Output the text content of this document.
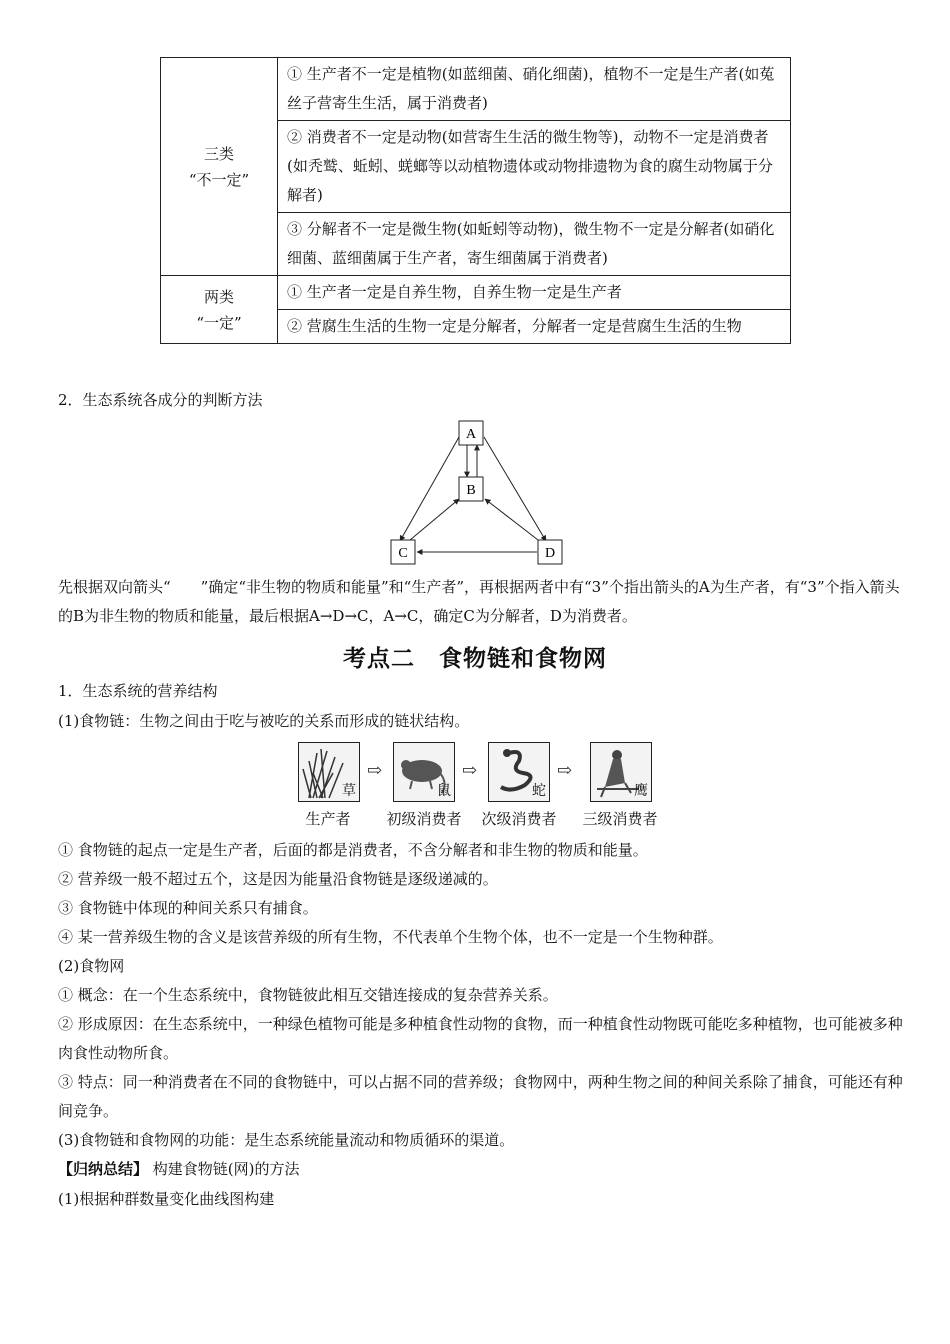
三类
“不一定”	① 生产者不一定是植物(如蓝细菌、硝化细菌)，植物不一定是生产者(如菟丝子营寄生生活，属于消费者)
	② 消费者不一定是动物(如营寄生生活的微生物等)，动物不一定是消费者(如秃鹫、蚯蚓、蜣螂等以动植物遗体或动物排遗物为食的腐生动物属于分解者)
	③ 分解者不一定是微生物(如蚯蚓等动物)，微生物不一定是分解者(如硝化细菌、蓝细菌属于生产者，寄生细菌属于消费者)

两类
“一定”	① 生产者一定是自养生物，自养生物一定是生产者
	② 营腐生生活的生物一定是分解者，分解者一定是营腐生生活的生物
2．生态系统各成分的判断方法
A
B
C	D
先根据双向箭头“　　”确定“非生物的物质和能量”和“生产者”，再根据两者中有“3”个指出箭头的A为生产者，有“3”个指入箭头的B为非生物的物质和能量，最后根据A→D→C，A→C，确定C为分解者，D为消费者。
考点二　食物链和食物网
1．生态系统的营养结构
(1)食物链：生物之间由于吃与被吃的关系而形成的链状结构。
草
⇨
鼠
⇨
蛇
⇨
鹰
生产者	初级消费者	次级消费者	三级消费者
① 食物链的起点一定是生产者，后面的都是消费者，不含分解者和非生物的物质和能量。
② 营养级一般不超过五个，这是因为能量沿食物链是逐级递减的。
③ 食物链中体现的种间关系只有捕食。
④ 某一营养级生物的含义是该营养级的所有生物，不代表单个生物个体，也不一定是一个生物种群。
(2)食物网
① 概念：在一个生态系统中，食物链彼此相互交错连接成的复杂营养关系。
② 形成原因：在生态系统中，一种绿色植物可能是多种植食性动物的食物，而一种植食性动物既可能吃多种植物，也可能被多种肉食性动物所食。
③ 特点：同一种消费者在不同的食物链中，可以占据不同的营养级；食物网中，两种生物之间的种间关系除了捕食，可能还有种间竞争。
(3)食物链和食物网的功能：是生态系统能量流动和物质循环的渠道。
【归纳总结】 构建食物链(网)的方法
(1)根据种群数量变化曲线图构建
